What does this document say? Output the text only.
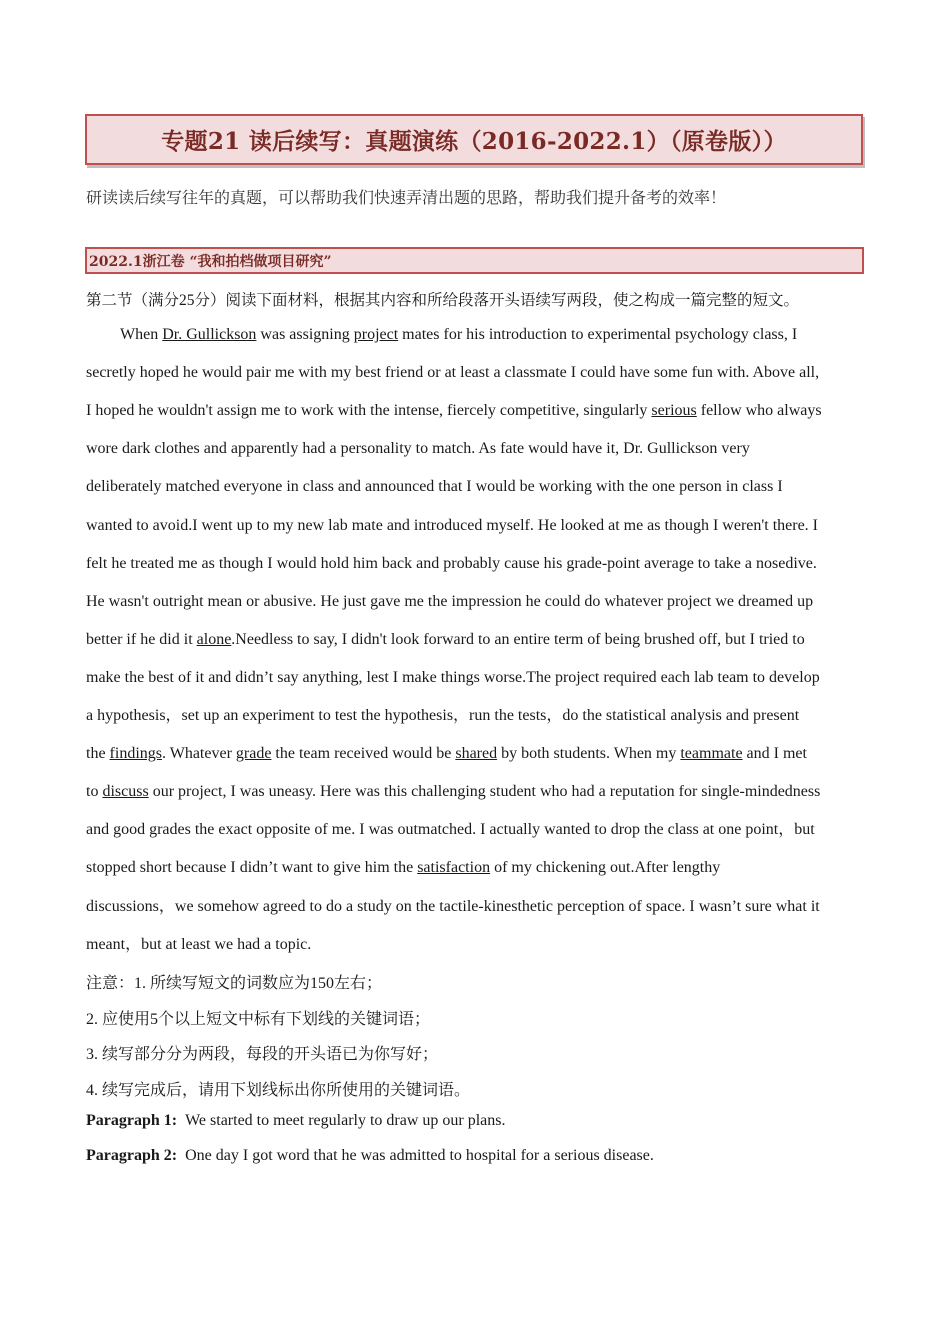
专题21 读后续写：真题演练（2016-2022.1）（原卷版））
研读读后续写往年的真题，可以帮助我们快速弄清出题的思路，帮助我们提升备考的效率！
2022.1浙江卷 “我和拍档做项目研究”
第二节（满分25分）阅读下面材料，根据其内容和所给段落开头语续写两段，使之构成一篇完整的短文。
When Dr. Gullickson was assigning project mates for his introduction to experimental psychology class, I
secretly hoped he would pair me with my best friend or at least a classmate I could have some fun with. Above all,
I hoped he wouldn't assign me to work with the intense, fiercely competitive, singularly serious fellow who always
wore dark clothes and apparently had a personality to match. As fate would have it, Dr. Gullickson very
deliberately matched everyone in class and announced that I would be working with the one person in class I
wanted to avoid.I went up to my new lab mate and introduced myself. He looked at me as though I weren't there. I
felt he treated me as though I would hold him back and probably cause his grade-point average to take a nosedive.
He wasn't outright mean or abusive. He just gave me the impression he could do whatever project we dreamed up
better if he did it alone.Needless to say, I didn't look forward to an entire term of being brushed off, but I tried to
make the best of it and didn’t say anything, lest I make things worse.The project required each lab team to develop
a hypothesis，set up an experiment to test the hypothesis，run the tests，do the statistical analysis and present
the findings. Whatever grade the team received would be shared by both students. When my teammate and I met
to discuss our project, I was uneasy. Here was this challenging student who had a reputation for single-mindedness
and good grades the exact opposite of me. I was outmatched. I actually wanted to drop the class at one point，but
stopped short because I didn’t want to give him the satisfaction of my chickening out.After lengthy
discussions，we somehow agreed to do a study on the tactile-kinesthetic perception of space. I wasn’t sure what it
meant，but at least we had a topic.
注意：1. 所续写短文的词数应为150左右；
2. 应使用5个以上短文中标有下划线的关键词语；
3. 续写部分分为两段，每段的开头语已为你写好；
4. 续写完成后，请用下划线标出你所使用的关键词语。
Paragraph 1: We started to meet regularly to draw up our plans.
Paragraph 2: One day I got word that he was admitted to hospital for a serious disease.
